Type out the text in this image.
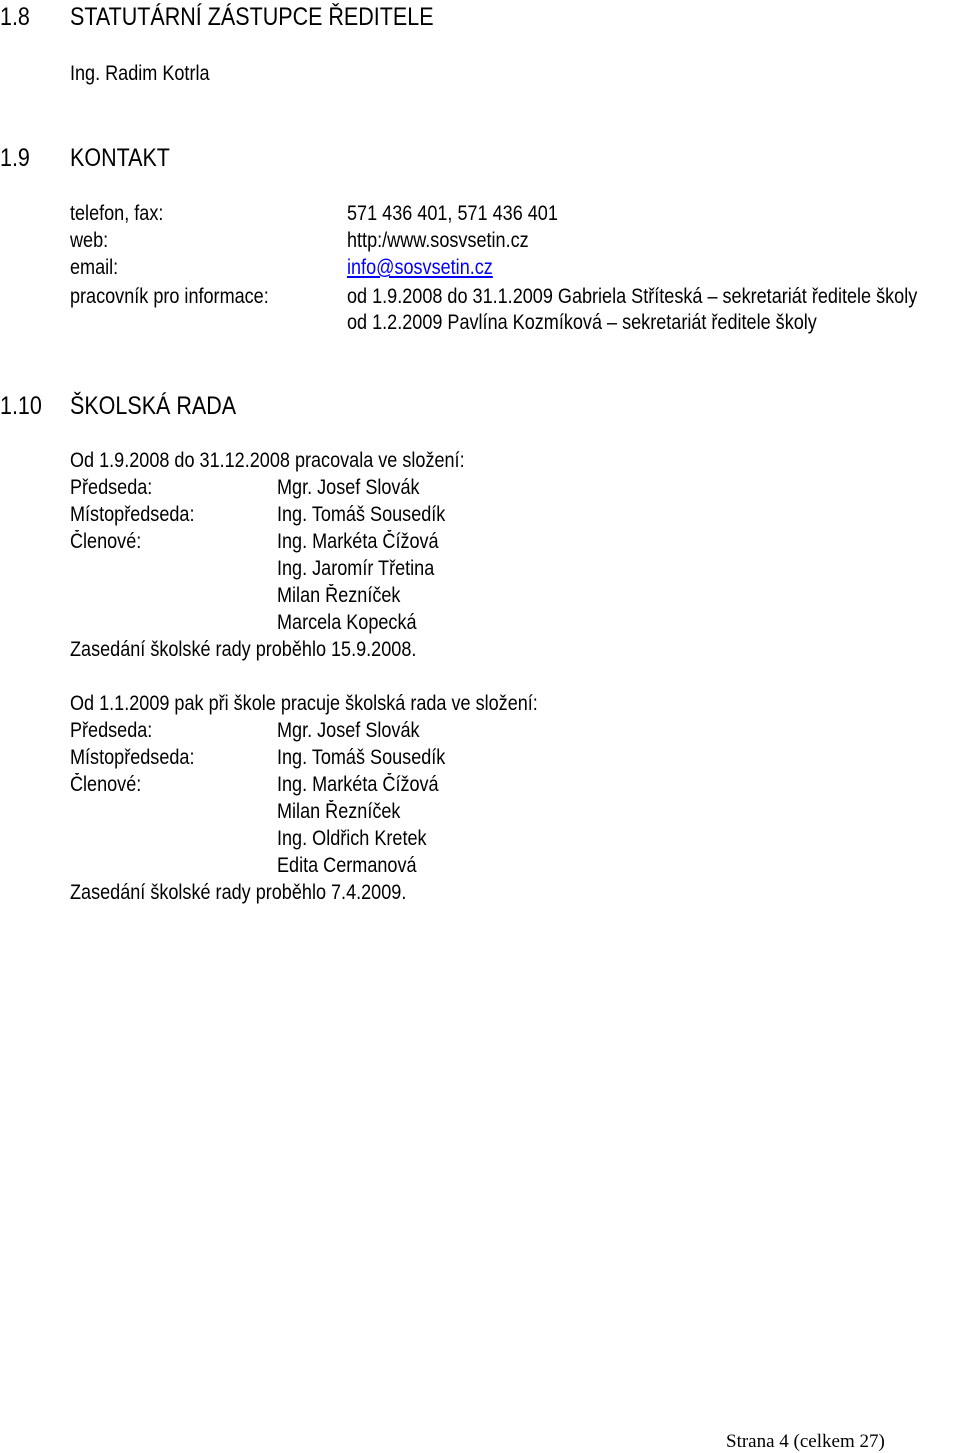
1.8 STATUTÁRNÍ ZÁSTUPCE ŘEDITELE
Ing. Radim Kotrla
1.9 KONTAKT
telefon, fax:	571 436 401, 571 436 401
web:	http:/www.sosvsetin.cz
email:	info@sosvsetin.cz
pracovník pro informace:	od 1.9.2008 do 31.1.2009 Gabriela Stříteská – sekretariát ředitele školy
od 1.2.2009 Pavlína Kozmíková – sekretariát ředitele školy
1.10 ŠKOLSKÁ RADA
Od 1.9.2008 do 31.12.2008 pracovala ve složení:
Předseda:	Mgr. Josef Slovák
Místopředseda:	Ing. Tomáš Sousedík
Členové:	Ing. Markéta Čížová
Ing. Jaromír Třetina
Milan Řezníček
Marcela Kopecká
Zasedání školské rady proběhlo 15.9.2008.
Od 1.1.2009 pak při škole pracuje školská rada ve složení:
Předseda:	Mgr. Josef Slovák
Místopředseda:	Ing. Tomáš Sousedík
Členové:	Ing. Markéta Čížová
Milan Řezníček
Ing. Oldřich Kretek
Edita Cermanová
Zasedání školské rady proběhlo 7.4.2009.
Strana 4 (celkem 27)
